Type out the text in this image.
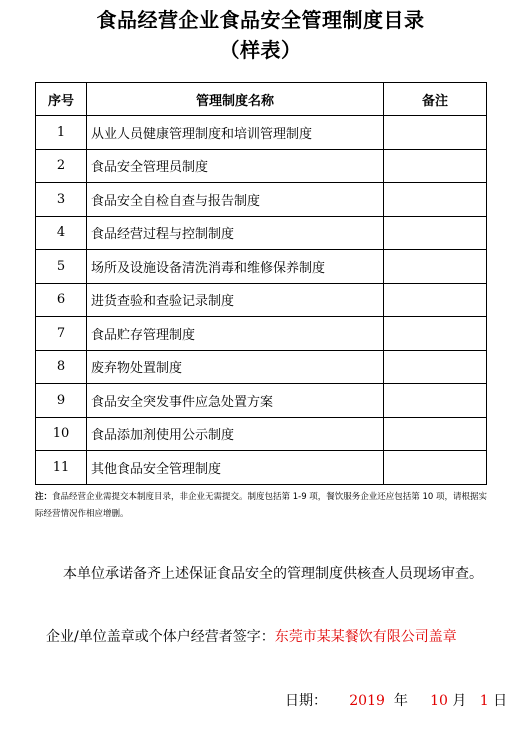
食品经营企业食品安全管理制度目录
（样表）
序号	管理制度名称	备注
1	从业人员健康管理制度和培训管理制度	
2	食品安全管理员制度	
3	食品安全自检自查与报告制度	
4	食品经营过程与控制制度	
5	场所及设施设备清洗消毒和维修保养制度	
6	进货查验和查验记录制度	
7	食品贮存管理制度	
8	废弃物处置制度	
9	食品安全突发事件应急处置方案	
10	食品添加剂使用公示制度	
11	其他食品安全管理制度	
注：食品经营企业需提交本制度目录，非企业无需提交。制度包括第 1-9 项，餐饮服务企业还应包括第 10 项，请根据实际经营情况作相应增删。
本单位承诺备齐上述保证食品安全的管理制度供核查人员现场审查。
企业/单位盖章或个体户经营者签字：东莞市某某餐饮有限公司盖章
日期： 2019 年 10 月 1 日
